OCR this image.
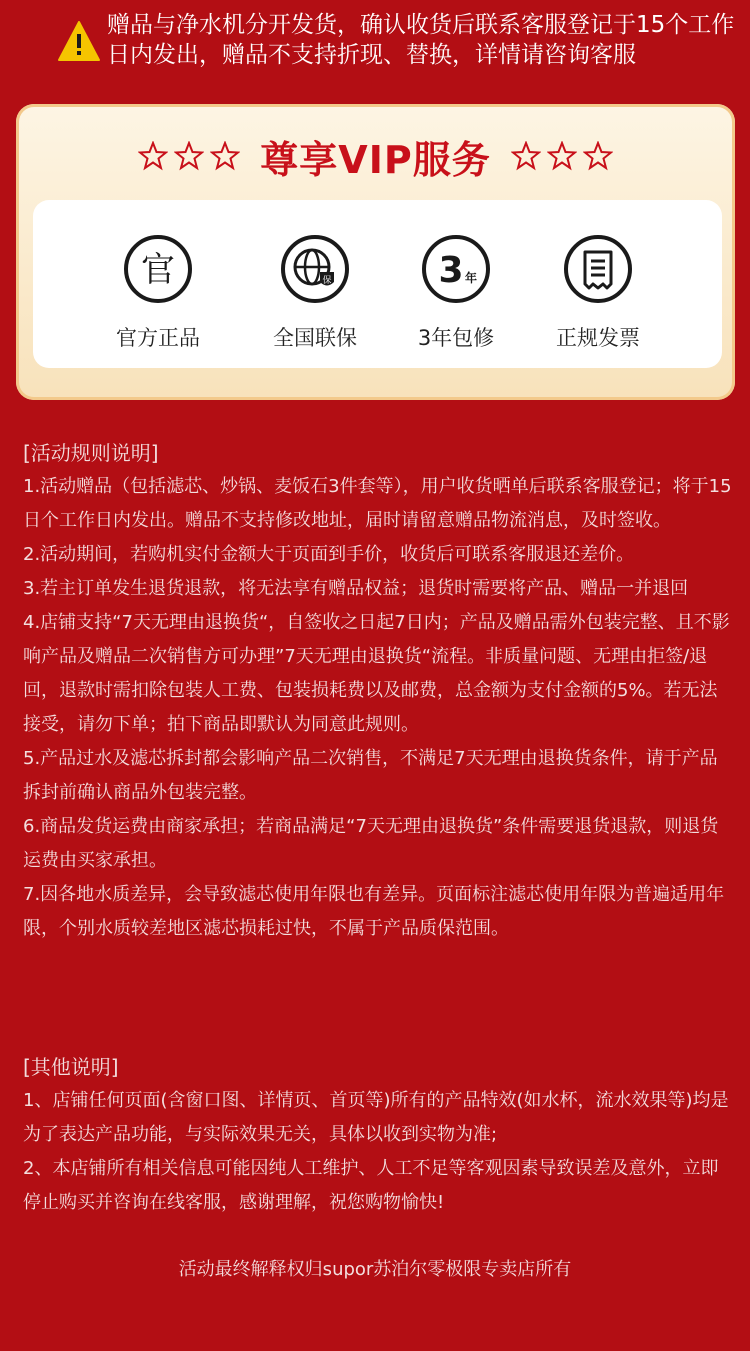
赠品与净水机分开发货，确认收货后联系客服登记于15个工作日内发出，赠品不支持折现、替换，详情请咨询客服
尊享VIP服务
官
官方正品
保
全国联保
3 年
3年包修	正规发票
[活动规则说明]
1.活动赠品（包括滤芯、炒锅、麦饭石3件套等），用户收货晒单后联系客服登记；将于15日个工作日内发出。赠品不支持修改地址，届时请留意赠品物流消息，及时签收。
2.活动期间，若购机实付金额大于页面到手价，收货后可联系客服退还差价。
3.若主订单发生退货退款，将无法享有赠品权益；退货时需要将产品、赠品一并退回
4.店铺支持“7天无理由退换货“，自签收之日起7日内；产品及赠品需外包装完整、且不影响产品及赠品二次销售方可办理”7天无理由退换货“流程。非质量问题、无理由拒签/退回，退款时需扣除包装人工费、包装损耗费以及邮费，总金额为支付金额的5%。若无法接受，请勿下单；拍下商品即默认为同意此规则。
5.产品过水及滤芯拆封都会影响产品二次销售，不满足7天无理由退换货条件，请于产品拆封前确认商品外包装完整。
6.商品发货运费由商家承担；若商品满足“7天无理由退换货”条件需要退货退款，则退货运费由买家承担。
7.因各地水质差异，会导致滤芯使用年限也有差异。页面标注滤芯使用年限为普遍适用年限，个别水质较差地区滤芯损耗过快，不属于产品质保范围。
[其他说明]
1、店铺任何页面(含窗口图、详情页、首页等)所有的产品特效(如水杯，流水效果等)均是为了表达产品功能，与实际效果无关，具体以收到实物为准;
2、本店铺所有相关信息可能因纯人工维护、人工不足等客观因素导致误差及意外，立即停止购买并咨询在线客服，感谢理解，祝您购物愉快!
活动最终解释权归supor苏泊尔零极限专卖店所有
